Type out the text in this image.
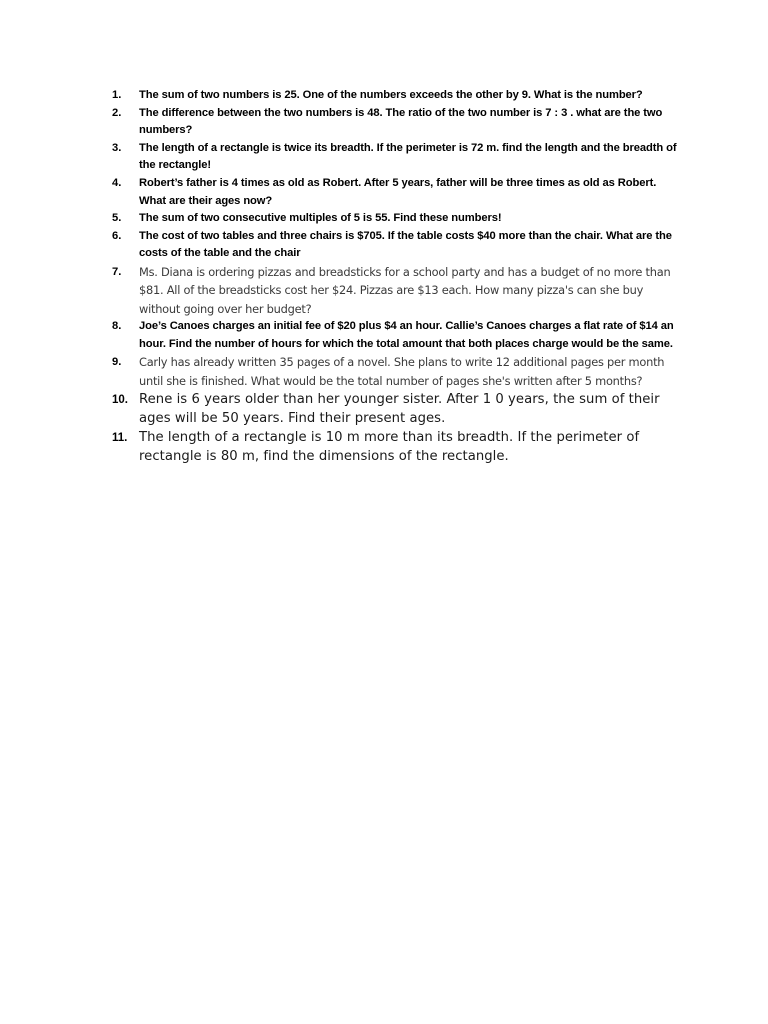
1.	The sum of two numbers is 25. One of the numbers exceeds the other by 9. What is the number?
2.	The difference between the two numbers is 48. The ratio of the two number is 7 : 3 . what are the two numbers?
3.	The length of a rectangle is twice its breadth. If the perimeter is 72 m. find the length and the breadth of the rectangle!
4.	Robert’s father is 4 times as old as Robert. After 5 years, father will be three times as old as Robert. What are their ages now?
5.	The sum of two consecutive multiples of 5 is 55. Find these numbers!
6.	The cost of two tables and three chairs is $705. If the table costs $40 more than the chair. What are the costs of the table and the chair
7.	Ms. Diana is ordering pizzas and breadsticks for a school party and has a budget of no more than $81. All of the breadsticks cost her $24. Pizzas are $13 each. How many pizza's can she buy without going over her budget?
8.	Joe’s Canoes charges an initial fee of $20 plus $4 an hour. Callie’s Canoes charges a flat rate of $14 an hour. Find the number of hours for which the total amount that both places charge would be the same.
9.	Carly has already written 35 pages of a novel. She plans to write 12 additional pages per month until she is finished. What would be the total number of pages she's written after 5 months?
10. Rene is 6 years older than her younger sister. After 1 0 years, the sum of their ages will be 50 years. Find their present ages.
11. The length of a rectangle is 10 m more than its breadth. If the perimeter of rectangle is 80 m, find the dimensions of the rectangle.
